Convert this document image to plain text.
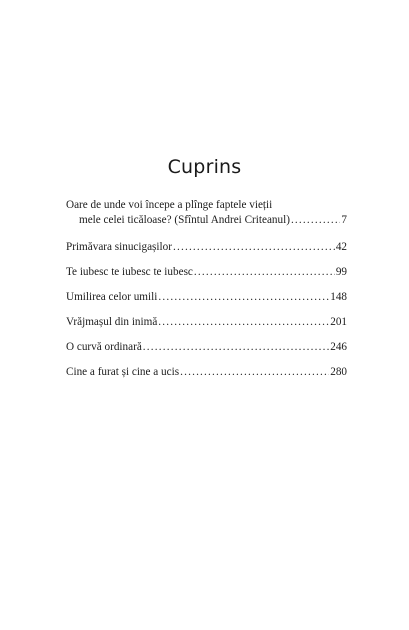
Cuprins
Oare de unde voi începe a plînge faptele vieții
mele celei ticăloase? (Sfîntul Andrei Criteanul) .....	7
Primăvara sinucigașilor .....	42
Te iubesc te iubesc te iubesc .....	99
Umilirea celor umili .....	148
Vrăjmașul din inimă .....	201
O curvă ordinară .....	246
Cine a furat și cine a ucis .....	280
